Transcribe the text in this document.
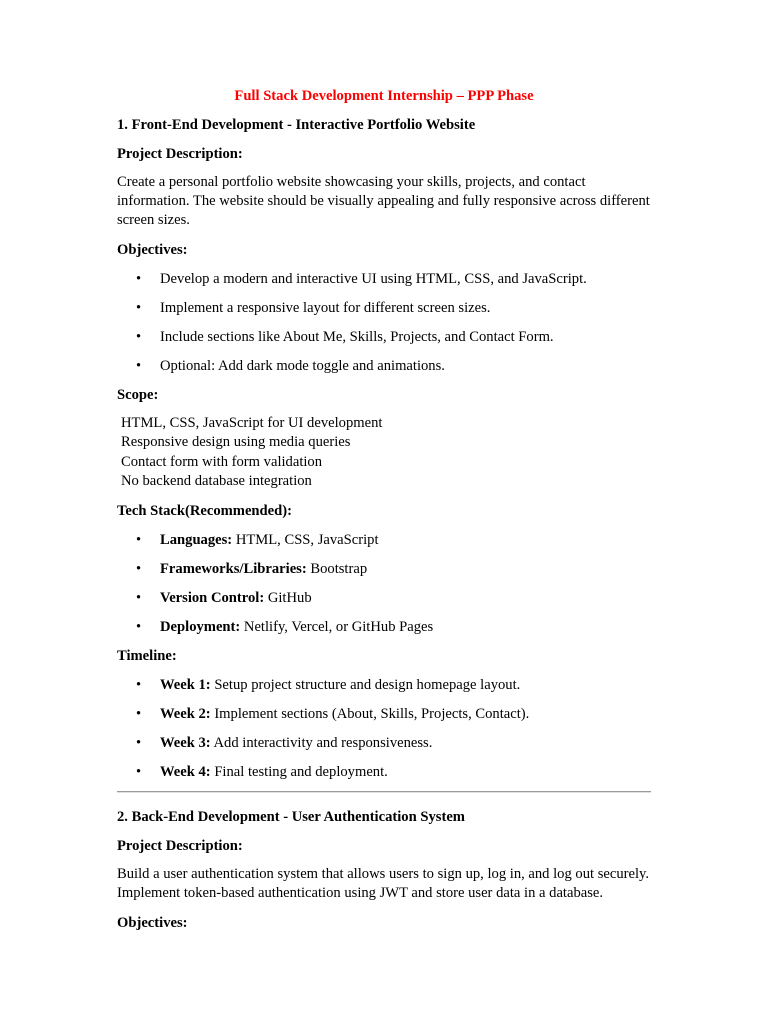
Full Stack Development Internship – PPP Phase
1. Front-End Development - Interactive Portfolio Website
Project Description:
Create a personal portfolio website showcasing your skills, projects, and contact information. The website should be visually appealing and fully responsive across different screen sizes.
Objectives:
• Develop a modern and interactive UI using HTML, CSS, and JavaScript.
• Implement a responsive layout for different screen sizes.
• Include sections like About Me, Skills, Projects, and Contact Form.
• Optional: Add dark mode toggle and animations.
Scope:
HTML, CSS, JavaScript for UI development
Responsive design using media queries
Contact form with form validation
No backend database integration
Tech Stack(Recommended):
• Languages: HTML, CSS, JavaScript
• Frameworks/Libraries: Bootstrap
• Version Control: GitHub
• Deployment: Netlify, Vercel, or GitHub Pages
Timeline:
• Week 1: Setup project structure and design homepage layout.
• Week 2: Implement sections (About, Skills, Projects, Contact).
• Week 3: Add interactivity and responsiveness.
• Week 4: Final testing and deployment.
2. Back-End Development - User Authentication System
Project Description:
Build a user authentication system that allows users to sign up, log in, and log out securely. Implement token-based authentication using JWT and store user data in a database.
Objectives:
